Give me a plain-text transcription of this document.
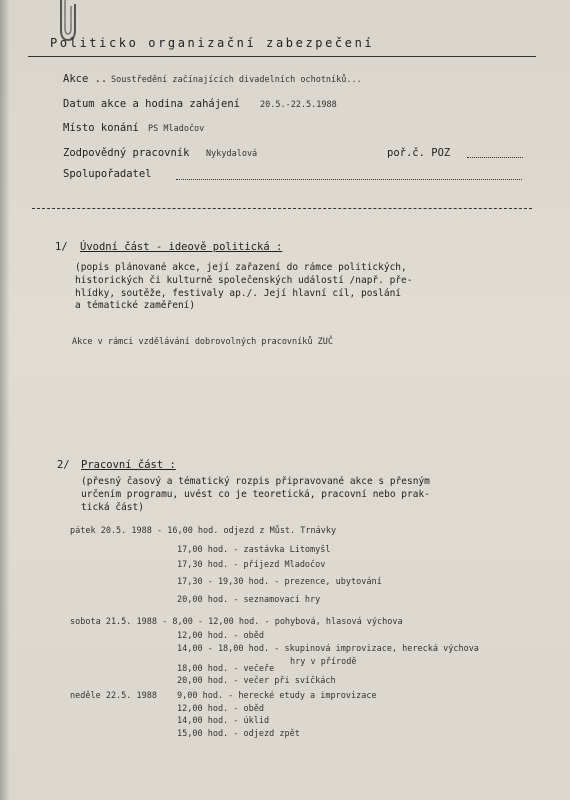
Politicko organizační zabezpečení
Akce .. Soustředění začínajících divadelních ochotníků...
Datum akce a hodina zahájení 20.5.-22.5.1988
Místo konání PS Mladočov
Zodpovědný pracovník Nykydalová	poř.č. POZ
Spolupořadatel
1/ Úvodní část - ideově politická :
(popis plánované akce, její zařazení do rámce politických,
historických či kulturně společenských událostí /např. pře-
hlídky, soutěže, festivaly ap./. Její hlavní cíl, poslání
a tématické zaměření)
Akce v rámci vzdělávání dobrovolných pracovníků ZUČ
2/ Pracovní část :
(přesný časový a tématický rozpis připravované akce s přesným
určením programu, uvést co je teoretická, pracovní nebo prak-
tická část)
pátek 20.5. 1988 - 16,00 hod. odjezd z Můst. Trnávky
17,00 hod. - zastávka Litomyšl
17,30 hod. - příjezd Mladočov
17,30 - 19,30 hod. - prezence, ubytování
20,00 hod. - seznamovací hry
sobota 21.5. 1988 - 8,00 - 12,00 hod. - pohybová, hlasová výchova
12,00 hod. - oběd
14,00 - 18,00 hod. - skupinová improvizace, herecká výchova
hry v přírodě
18,00 hod. - večeře
20,00 hod. - večer při svíčkách
neděle 22.5. 1988 9,00 hod. - herecké etudy a improvizace
12,00 hod. - oběd
14,00 hod. - úklid
15,00 hod. - odjezd zpět
